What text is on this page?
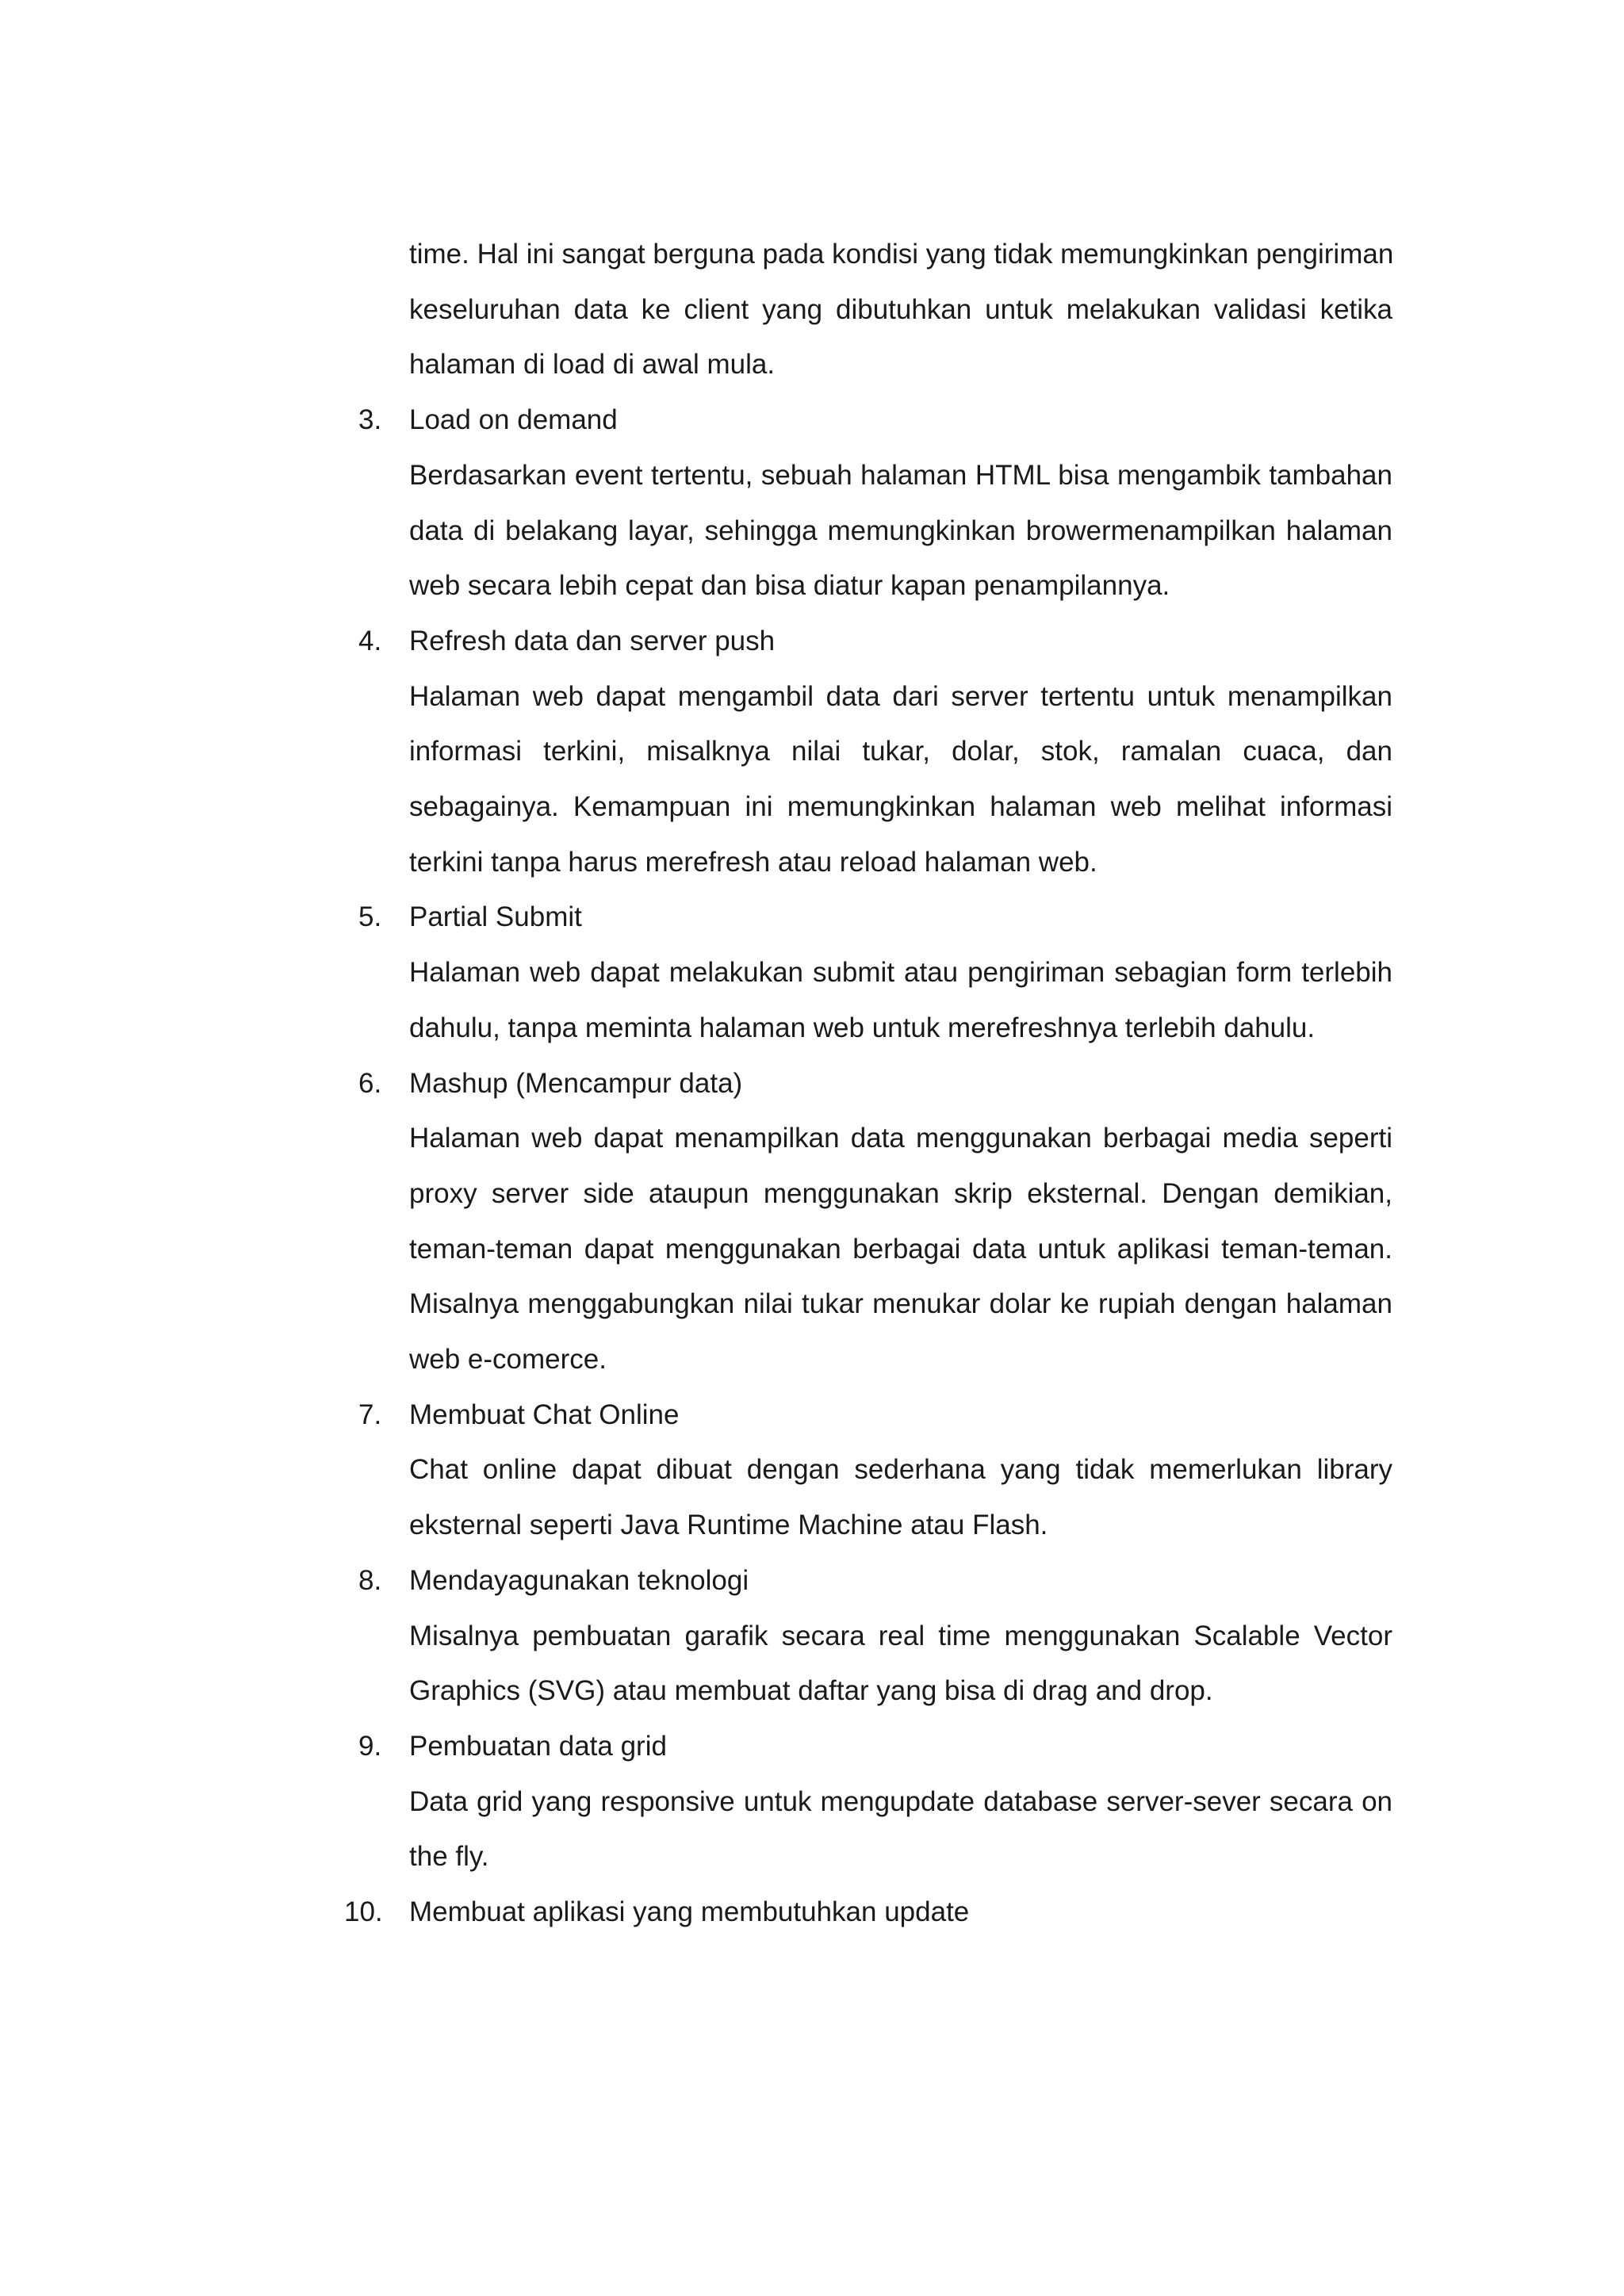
time. Hal ini sangat berguna pada kondisi yang tidak memungkinkan pengiriman
keseluruhan data ke client yang dibutuhkan untuk melakukan validasi ketika
halaman di load di awal mula.
3. Load on demand
Berdasarkan event tertentu, sebuah halaman HTML bisa mengambik tambahan
data di belakang layar, sehingga memungkinkan browermenampilkan halaman
web secara lebih cepat dan bisa diatur kapan penampilannya.
4. Refresh data dan server push
Halaman web dapat mengambil data dari server tertentu untuk menampilkan
informasi terkini, misalknya nilai tukar, dolar, stok, ramalan cuaca, dan
sebagainya. Kemampuan ini memungkinkan halaman web melihat informasi
terkini tanpa harus merefresh atau reload halaman web.
5. Partial Submit
Halaman web dapat melakukan submit atau pengiriman sebagian form terlebih
dahulu, tanpa meminta halaman web untuk merefreshnya terlebih dahulu.
6. Mashup (Mencampur data)
Halaman web dapat menampilkan data menggunakan berbagai media seperti
proxy server side ataupun menggunakan skrip eksternal. Dengan demikian,
teman-teman dapat menggunakan berbagai data untuk aplikasi teman-teman.
Misalnya menggabungkan nilai tukar menukar dolar ke rupiah dengan halaman
web e-comerce.
7. Membuat Chat Online
Chat online dapat dibuat dengan sederhana yang tidak memerlukan library
eksternal seperti Java Runtime Machine atau Flash.
8. Mendayagunakan teknologi
Misalnya pembuatan garafik secara real time menggunakan Scalable Vector
Graphics (SVG) atau membuat daftar yang bisa di drag and drop.
9. Pembuatan data grid
Data grid yang responsive untuk mengupdate database server-sever secara on
the fly.
10. Membuat aplikasi yang membutuhkan update
